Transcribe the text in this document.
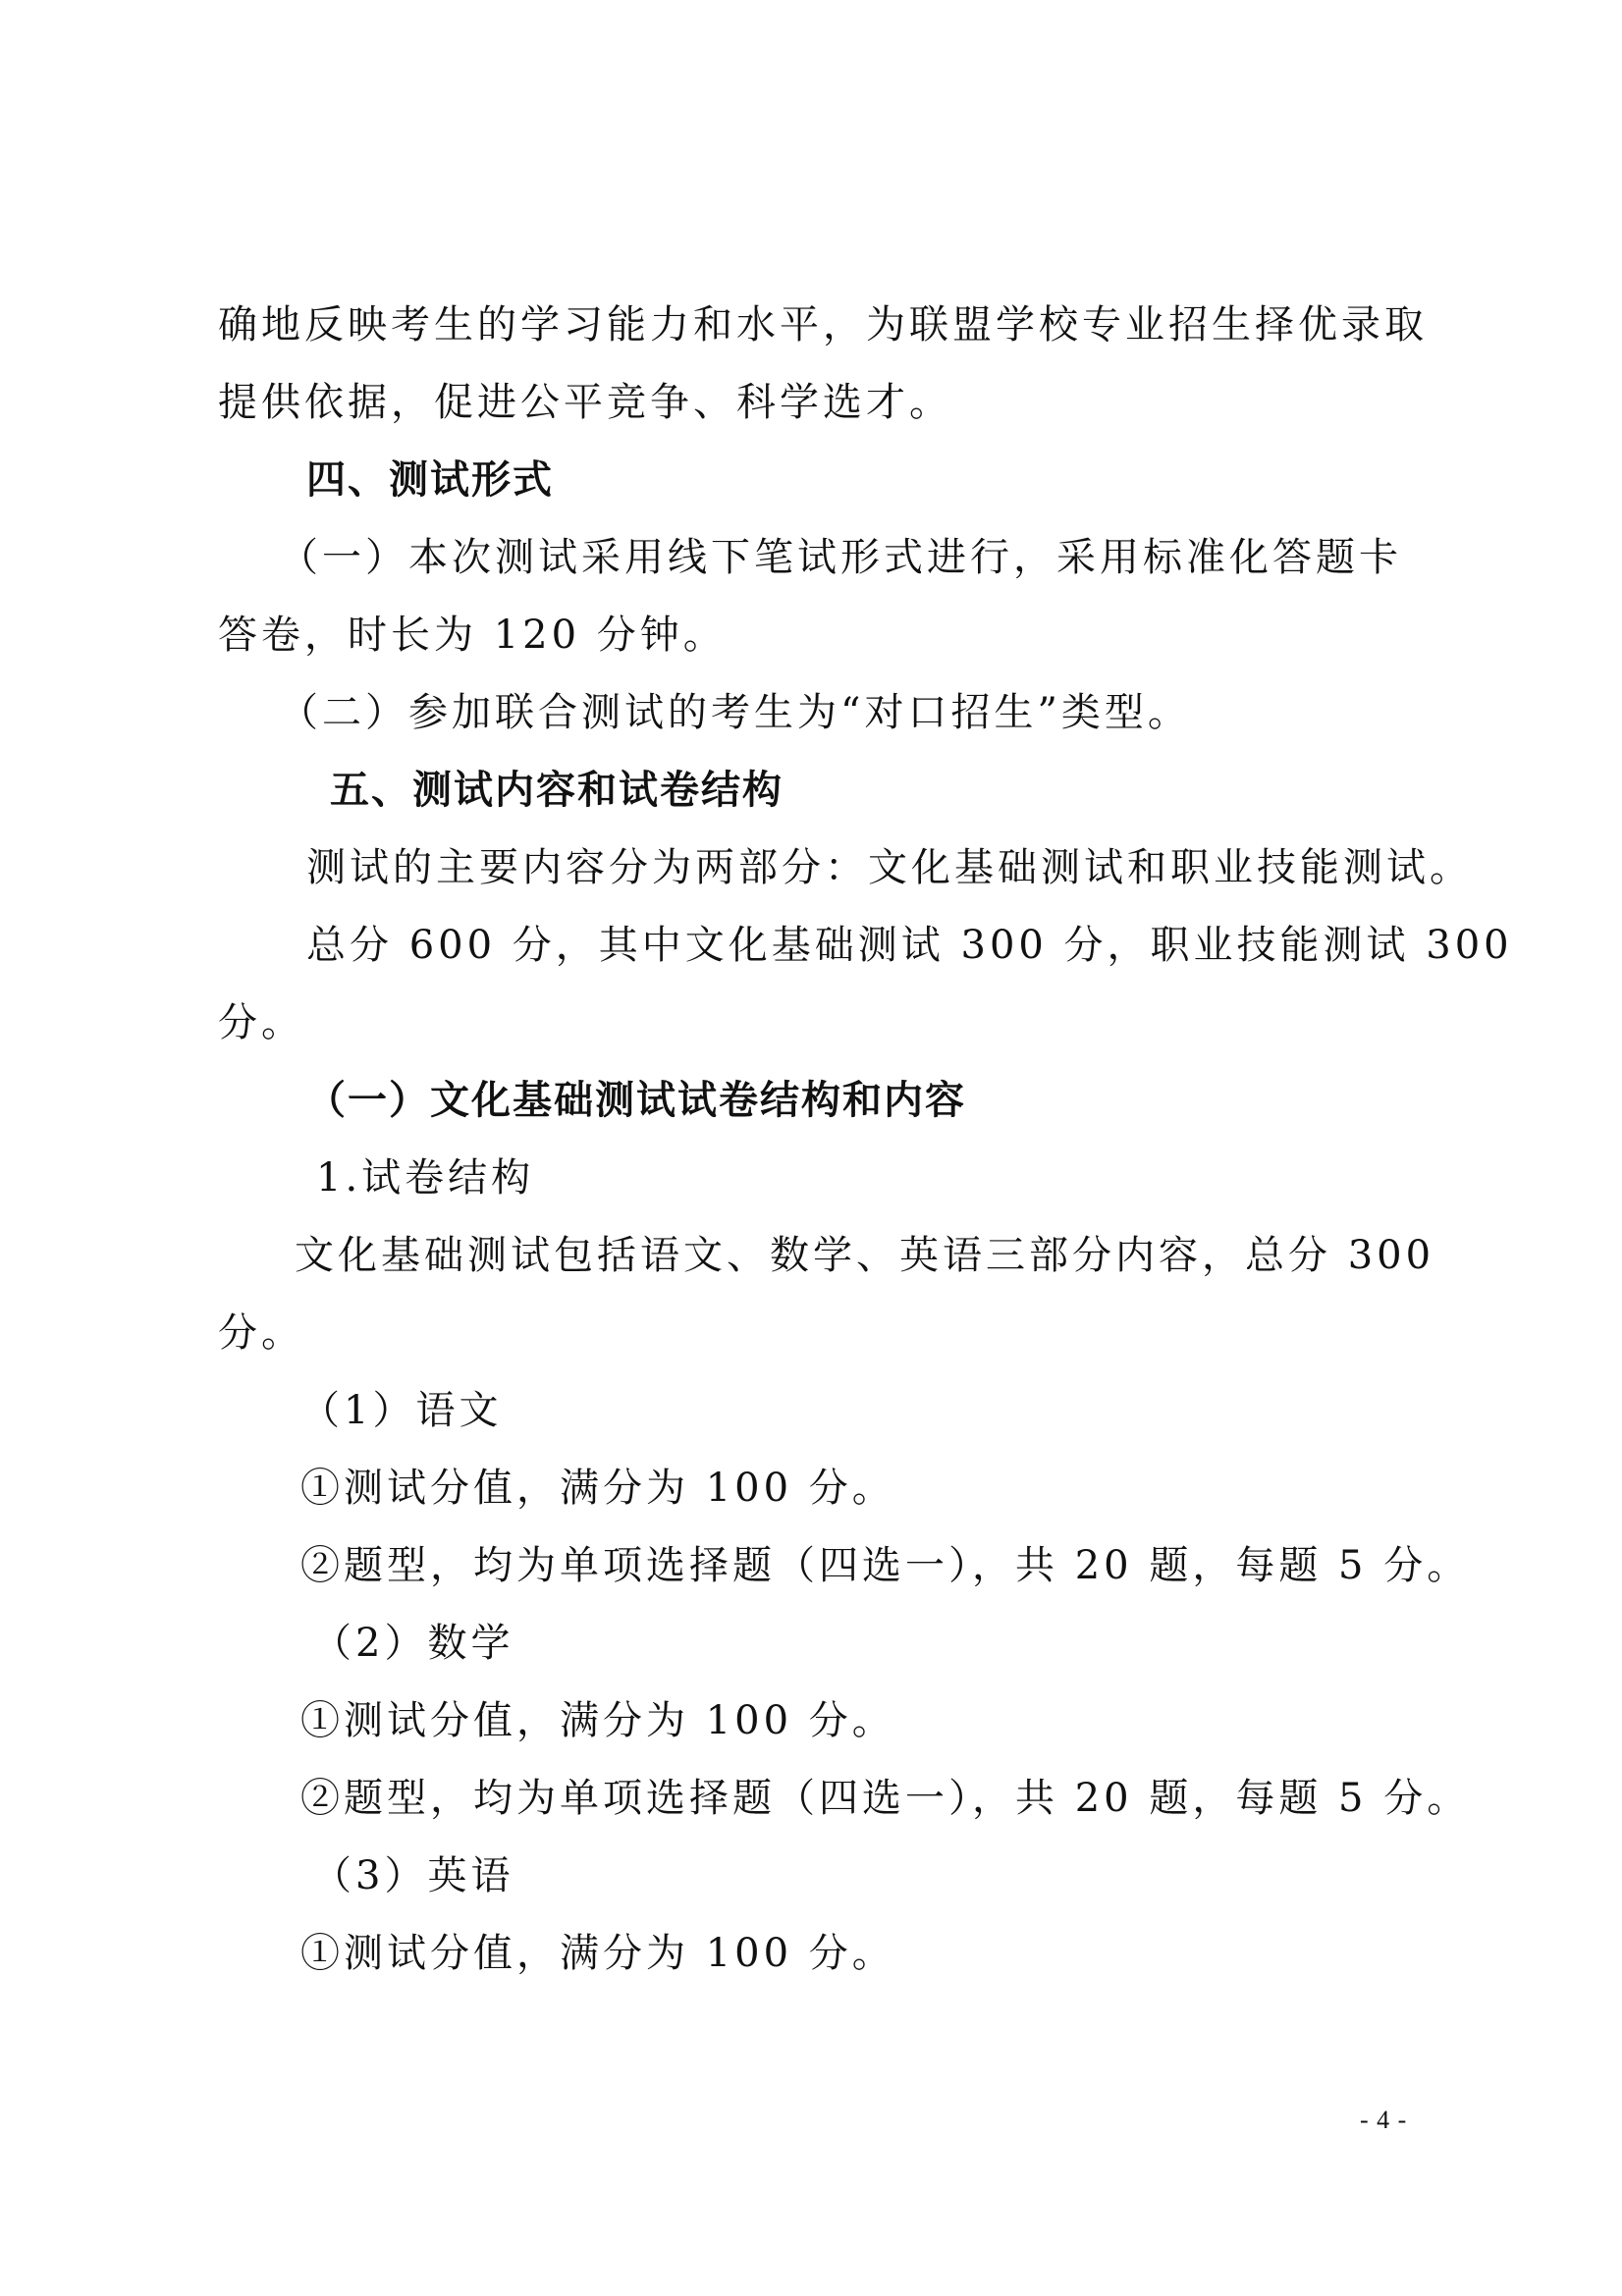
确地反映考生的学习能力和水平，为联盟学校专业招生择优录取
提供依据，促进公平竞争、科学选才。
四、测试形式
（一）本次测试采用线下笔试形式进行，采用标准化答题卡
答卷，时长为 120 分钟。
（二）参加联合测试的考生为“对口招生”类型。
五、测试内容和试卷结构
测试的主要内容分为两部分：文化基础测试和职业技能测试。
总分 600 分，其中文化基础测试 300 分，职业技能测试 300
分。
（一）文化基础测试试卷结构和内容
1.试卷结构
文化基础测试包括语文、数学、英语三部分内容，总分 300
分。
（1）语文
①测试分值，满分为 100 分。
②题型，均为单项选择题（四选一），共 20 题，每题 5 分。
（2）数学
①测试分值，满分为 100 分。
②题型，均为单项选择题（四选一），共 20 题，每题 5 分。
（3）英语
①测试分值，满分为 100 分。
- 4 -
